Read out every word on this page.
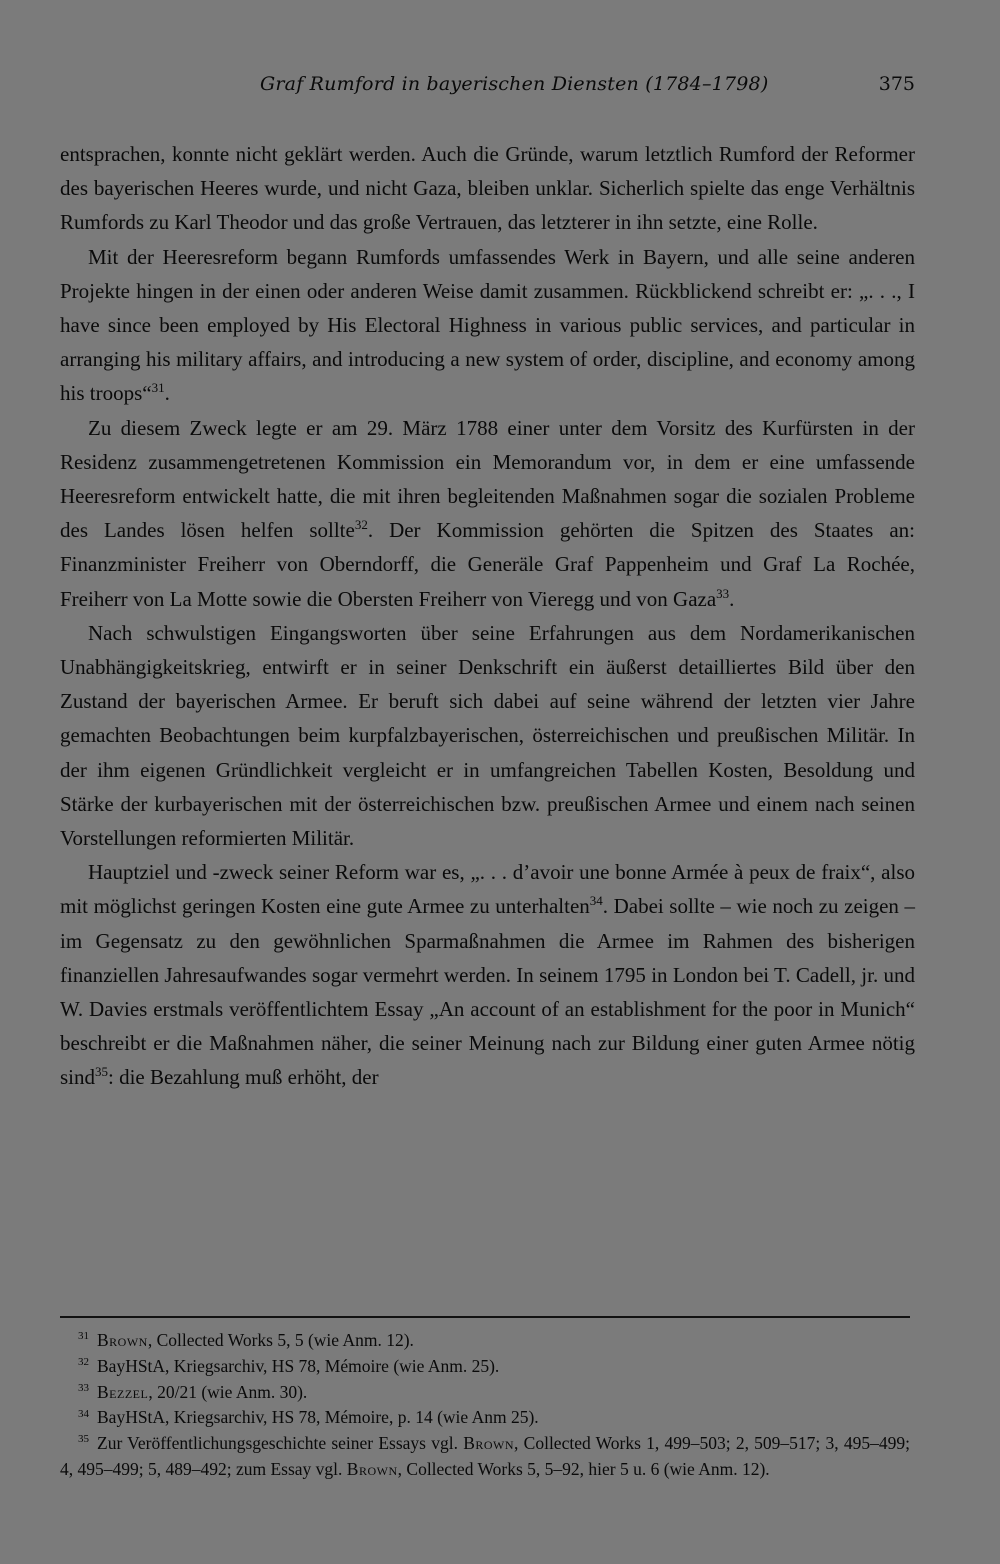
Graf Rumford in bayerischen Diensten (1784–1798)	375

entsprachen, konnte nicht geklärt werden. Auch die Gründe, warum letztlich Rumford der Reformer des bayerischen Heeres wurde, und nicht Gaza, bleiben unklar. Sicherlich spielte das enge Verhältnis Rumfords zu Karl Theodor und das große Vertrauen, das letzterer in ihn setzte, eine Rolle.

Mit der Heeresreform begann Rumfords umfassendes Werk in Bayern, und alle seine anderen Projekte hingen in der einen oder anderen Weise damit zusammen. Rückblickend schreibt er: „. . ., I have since been employed by His Electoral Highness in various public services, and particular in arranging his military affairs, and introducing a new system of order, discipline, and economy among his troops“$^{31}$.

Zu diesem Zweck legte er am 29. März 1788 einer unter dem Vorsitz des Kurfürsten in der Residenz zusammengetretenen Kommission ein Memorandum vor, in dem er eine umfassende Heeresreform entwickelt hatte, die mit ihren begleitenden Maßnahmen sogar die sozialen Probleme des Landes lösen helfen sollte$^{32}$. Der Kommission gehörten die Spitzen des Staates an: Finanzminister Freiherr von Oberndorff, die Generäle Graf Pappenheim und Graf La Rochée, Freiherr von La Motte sowie die Obersten Freiherr von Vieregg und von Gaza$^{33}$.

Nach schwulstigen Eingangsworten über seine Erfahrungen aus dem Nordamerikanischen Unabhängigkeitskrieg, entwirft er in seiner Denkschrift ein äußerst detailliertes Bild über den Zustand der bayerischen Armee. Er beruft sich dabei auf seine während der letzten vier Jahre gemachten Beobachtungen beim kurpfalzbayerischen, österreichischen und preußischen Militär. In der ihm eigenen Gründlichkeit vergleicht er in umfangreichen Tabellen Kosten, Besoldung und Stärke der kurbayerischen mit der österreichischen bzw. preußischen Armee und einem nach seinen Vorstellungen reformierten Militär.

Hauptziel und -zweck seiner Reform war es, „. . . d’avoir une bonne Armée à peux de fraix“, also mit möglichst geringen Kosten eine gute Armee zu unterhalten$^{34}$. Dabei sollte – wie noch zu zeigen – im Gegensatz zu den gewöhnlichen Sparmaßnahmen die Armee im Rahmen des bisherigen finanziellen Jahresaufwandes sogar vermehrt werden. In seinem 1795 in London bei T. Cadell, jr. und W. Davies erstmals veröffentlichtem Essay „An account of an establishment for the poor in Munich“ beschreibt er die Maßnahmen näher, die seiner Meinung nach zur Bildung einer guten Armee nötig sind$^{35}$: die Bezahlung muß erhöht, der

$^{31}$ Brown, Collected Works 5, 5 (wie Anm. 12).

$^{32}$ BayHStA, Kriegsarchiv, HS 78, Mémoire (wie Anm. 25).

$^{33}$ Bezzel, 20/21 (wie Anm. 30).

$^{34}$ BayHStA, Kriegsarchiv, HS 78, Mémoire, p. 14 (wie Anm 25).

$^{35}$ Zur Veröffentlichungsgeschichte seiner Essays vgl. Brown, Collected Works 1, 499–503; 2, 509–517; 3, 495–499; 4, 495–499; 5, 489–492; zum Essay vgl. Brown, Collected Works 5, 5–92, hier 5 u. 6 (wie Anm. 12).
